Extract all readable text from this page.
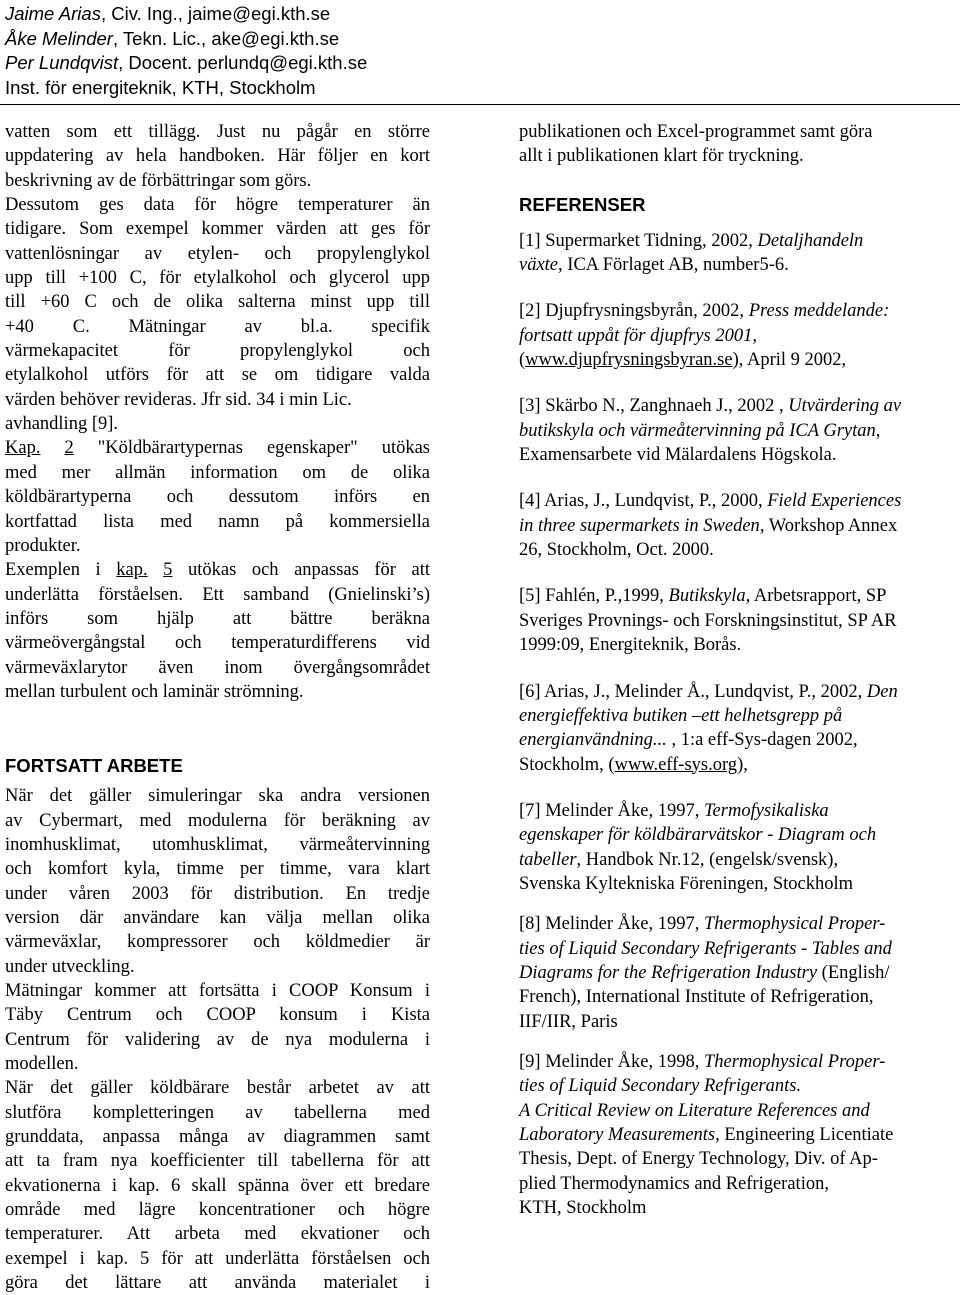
Jaime Arias, Civ. Ing., jaime@egi.kth.se
Åke Melinder, Tekn. Lic., ake@egi.kth.se
Per Lundqvist, Docent. perlundq@egi.kth.se
Inst. för energiteknik, KTH, Stockholm
vatten som ett tillägg. Just nu pågår en större
uppdatering av hela handboken. Här följer en kort
beskrivning av de förbättringar som görs.
Dessutom ges data för högre temperaturer än
tidigare. Som exempel kommer värden att ges för
vattenlösningar av etylen- och propylenglykol
upp till +100 C, för etylalkohol och glycerol upp
till +60 C och de olika salterna minst upp till
+40 C. Mätningar av bl.a. specifik
värmekapacitet för propylenglykol och
etylalkohol utförs för att se om tidigare valda
värden behöver revideras. Jfr sid. 34 i min Lic.
avhandling [9].
Kap. 2 "Köldbärartypernas egenskaper" utökas
med mer allmän information om de olika
köldbärartyperna och dessutom införs en
kortfattad lista med namn på kommersiella
produkter.
Exemplen i kap. 5 utökas och anpassas för att
underlätta förståelsen. Ett samband (Gnielinski’s)
införs som hjälp att bättre beräkna
värmeövergångstal och temperaturdifferens vid
värmeväxlarytor även inom övergångsområdet
mellan turbulent och laminär strömning.
FORTSATT ARBETE
När det gäller simuleringar ska andra versionen
av Cybermart, med modulerna för beräkning av
inomhusklimat, utomhusklimat, värmeåtervinning
och komfort kyla, timme per timme, vara klart
under våren 2003 för distribution. En tredje
version där användare kan välja mellan olika
värmeväxlar, kompressorer och köldmedier är
under utveckling.
Mätningar kommer att fortsätta i COOP Konsum i
Täby Centrum och COOP konsum i Kista
Centrum för validering av de nya modulerna i
modellen.
När det gäller köldbärare består arbetet av att
slutföra kompletteringen av tabellerna med
grunddata, anpassa många av diagrammen samt
att ta fram nya koefficienter till tabellerna för att
ekvationerna i kap. 6 skall spänna över ett bredare
område med lägre koncentrationer och högre
temperaturer. Att arbeta med ekvationer och
exempel i kap. 5 för att underlätta förståelsen och
göra det lättare att använda materialet i
publikationen och Excel-programmet samt göra
allt i publikationen klart för tryckning.
REFERENSER
[1] Supermarket Tidning, 2002, Detaljhandeln
växte, ICA Förlaget AB, number5-6.
[2] Djupfrysningsbyrån, 2002, Press meddelande:
fortsatt uppåt för djupfrys 2001,
(www.djupfrysningsbyran.se), April 9 2002,
[3] Skärbo N., Zanghnaeh J., 2002 , Utvärdering av
butikskyla och värmeåtervinning på ICA Grytan,
Examensarbete vid Mälardalens Högskola.
[4] Arias, J., Lundqvist, P., 2000, Field Experiences
in three supermarkets in Sweden, Workshop Annex
26, Stockholm, Oct. 2000.
[5] Fahlén, P.,1999, Butikskyla, Arbetsrapport, SP
Sveriges Provnings- och Forskningsinstitut, SP AR
1999:09, Energiteknik, Borås.
[6] Arias, J., Melinder Å., Lundqvist, P., 2002, Den
energieffektiva butiken –ett helhetsgrepp på
energianvändning... , 1:a eff-Sys-dagen 2002,
Stockholm, (www.eff-sys.org),
[7] Melinder Åke, 1997, Termofysikaliska
egenskaper för köldbärarvätskor - Diagram och
tabeller, Handbok Nr.12, (engelsk/svensk),
Svenska Kyltekniska Föreningen, Stockholm
[8] Melinder Åke, 1997, Thermophysical Proper-
ties of Liquid Secondary Refrigerants - Tables and
Diagrams for the Refrigeration Industry (English/
French), International Institute of Refrigeration,
IIF/IIR, Paris
[9] Melinder Åke, 1998, Thermophysical Proper-
ties of Liquid Secondary Refrigerants.
A Critical Review on Literature References and
Laboratory Measurements, Engineering Licentiate
Thesis, Dept. of Energy Technology, Div. of Ap-
plied Thermodynamics and Refrigeration,
KTH, Stockholm
